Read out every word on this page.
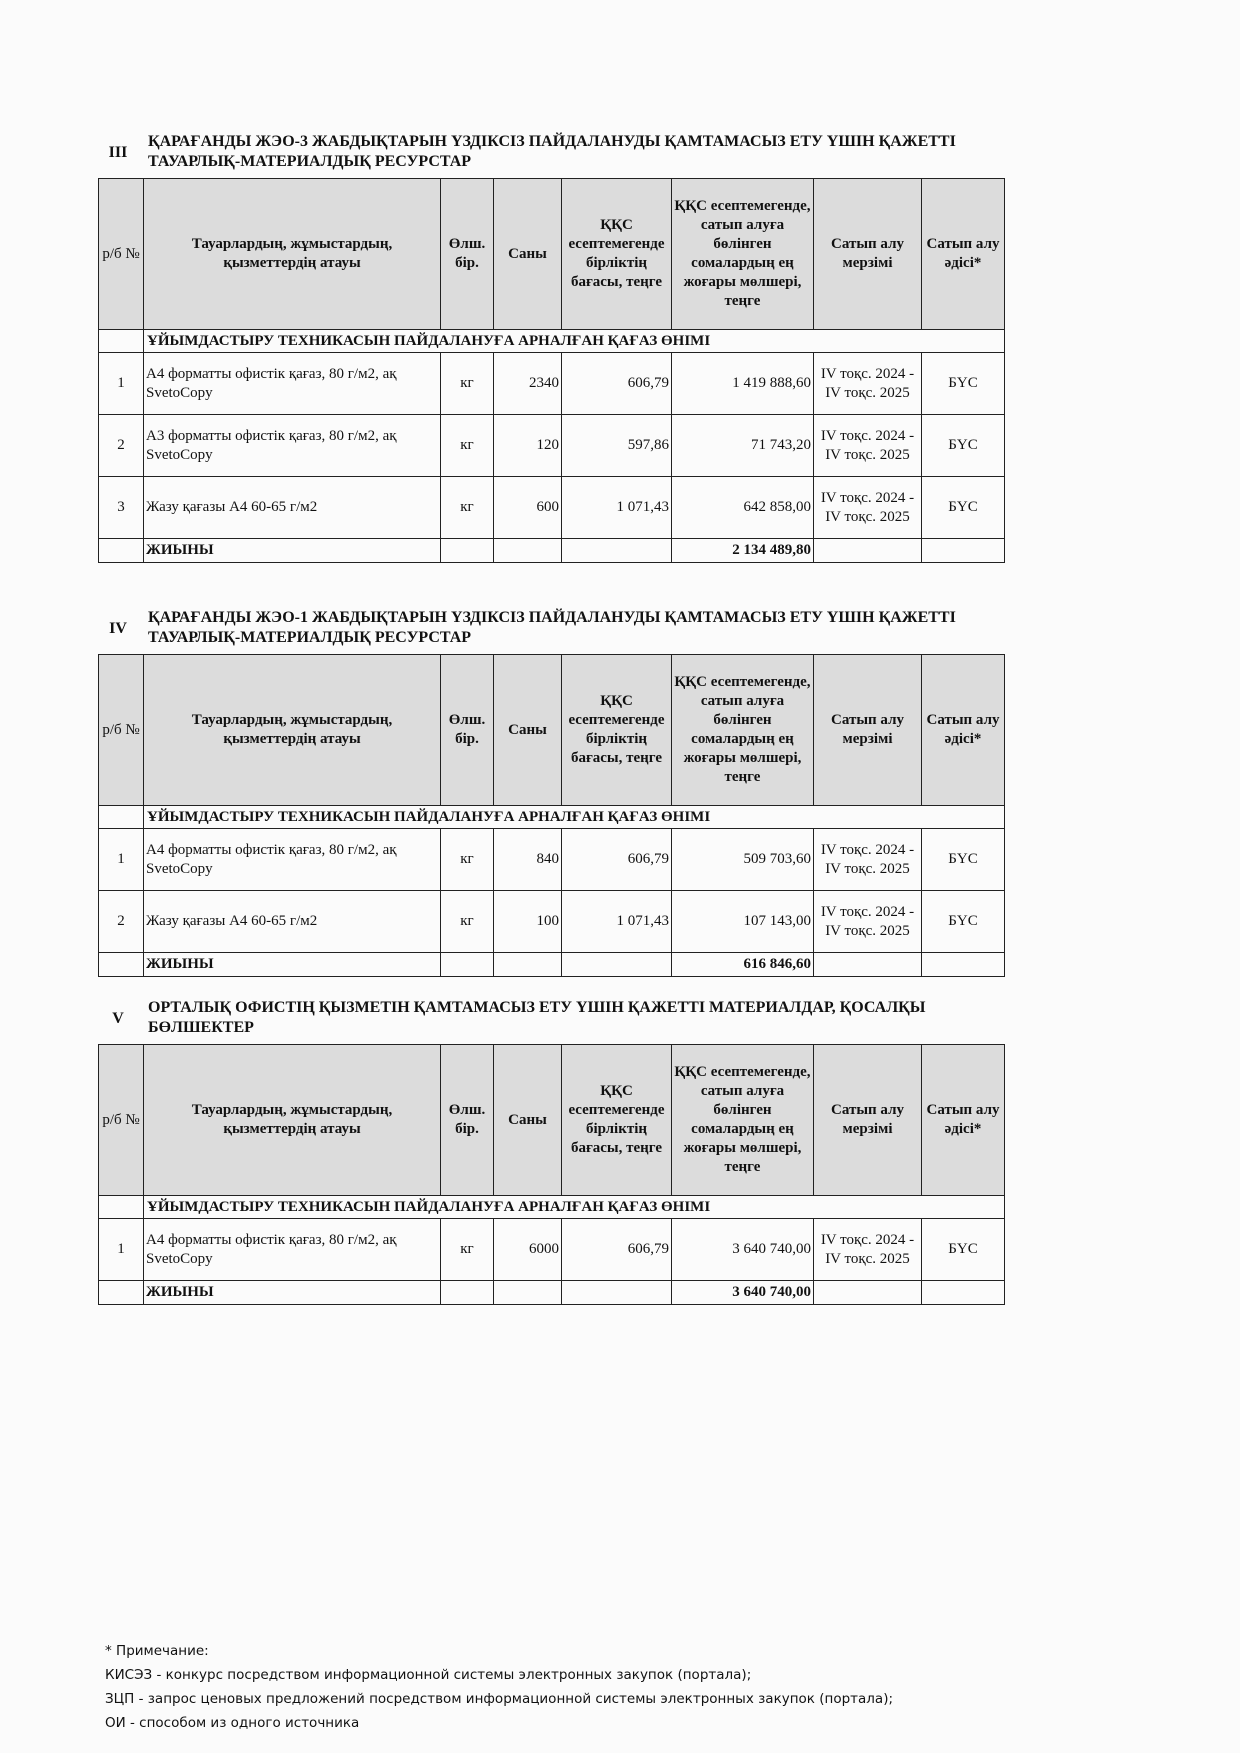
III
ҚАРАҒАНДЫ ЖЭО-3 ЖАБДЫҚТАРЫН ҮЗДІКСІЗ ПАЙДАЛАНУДЫ ҚАМТАМАСЫЗ ЕТУ ҮШІН ҚАЖЕТТІ ТАУАРЛЫҚ-МАТЕРИАЛДЫҚ РЕСУРСТАР
р/б №	Тауарлардың, жұмыстардың, қызметтердің атауы	Өлш. бір.	Саны	ҚҚС есептемегенде бірліктің бағасы, теңге	ҚҚС есептемегенде, сатып алуға бөлінген сомалардың ең жоғары мөлшері, теңге	Сатып алу мерзімі	Сатып алу әдісі*
	ҰЙЫМДАСТЫРУ ТЕХНИКАСЫН ПАЙДАЛАНУҒА АРНАЛҒАН ҚАҒАЗ ӨНІМІ						
1	А4 форматты офистік қағаз, 80 г/м2, ақ SvetoCopy	кг	2340	606,79	1 419 888,60	IV тоқс. 2024 - IV тоқс. 2025	БҮС
2	А3 форматты офистік қағаз, 80 г/м2, ақ SvetoCopy	кг	120	597,86	71 743,20	IV тоқс. 2024 - IV тоқс. 2025	БҮС
3	Жазу қағазы А4 60-65 г/м2	кг	600	1 071,43	642 858,00	IV тоқс. 2024 - IV тоқс. 2025	БҮС
	ЖИЫНЫ				2 134 489,80		
IV
ҚАРАҒАНДЫ ЖЭО-1 ЖАБДЫҚТАРЫН ҮЗДІКСІЗ ПАЙДАЛАНУДЫ ҚАМТАМАСЫЗ ЕТУ ҮШІН ҚАЖЕТТІ ТАУАРЛЫҚ-МАТЕРИАЛДЫҚ РЕСУРСТАР
р/б №	Тауарлардың, жұмыстардың, қызметтердің атауы	Өлш. бір.	Саны	ҚҚС есептемегенде бірліктің бағасы, теңге	ҚҚС есептемегенде, сатып алуға бөлінген сомалардың ең жоғары мөлшері, теңге	Сатып алу мерзімі	Сатып алу әдісі*
	ҰЙЫМДАСТЫРУ ТЕХНИКАСЫН ПАЙДАЛАНУҒА АРНАЛҒАН ҚАҒАЗ ӨНІМІ						
1	А4 форматты офистік қағаз, 80 г/м2, ақ SvetoCopy	кг	840	606,79	509 703,60	IV тоқс. 2024 - IV тоқс. 2025	БҮС
2	Жазу қағазы А4 60-65 г/м2	кг	100	1 071,43	107 143,00	IV тоқс. 2024 - IV тоқс. 2025	БҮС
	ЖИЫНЫ				616 846,60		
V
ОРТАЛЫҚ ОФИСТІҢ ҚЫЗМЕТІН ҚАМТАМАСЫЗ ЕТУ ҮШІН ҚАЖЕТТІ МАТЕРИАЛДАР, ҚОСАЛҚЫ БӨЛШЕКТЕР
р/б №	Тауарлардың, жұмыстардың, қызметтердің атауы	Өлш. бір.	Саны	ҚҚС есептемегенде бірліктің бағасы, теңге	ҚҚС есептемегенде, сатып алуға бөлінген сомалардың ең жоғары мөлшері, теңге	Сатып алу мерзімі	Сатып алу әдісі*
	ҰЙЫМДАСТЫРУ ТЕХНИКАСЫН ПАЙДАЛАНУҒА АРНАЛҒАН ҚАҒАЗ ӨНІМІ						
1	А4 форматты офистік қағаз, 80 г/м2, ақ SvetoCopy	кг	6000	606,79	3 640 740,00	IV тоқс. 2024 - IV тоқс. 2025	БҮС
	ЖИЫНЫ				3 640 740,00		
* Примечание:
КИСЭЗ - конкурс посредством информационной системы электронных закупок (портала);
ЗЦП - запрос ценовых предложений посредством информационной системы электронных закупок (портала);
ОИ - способом из одного источника
